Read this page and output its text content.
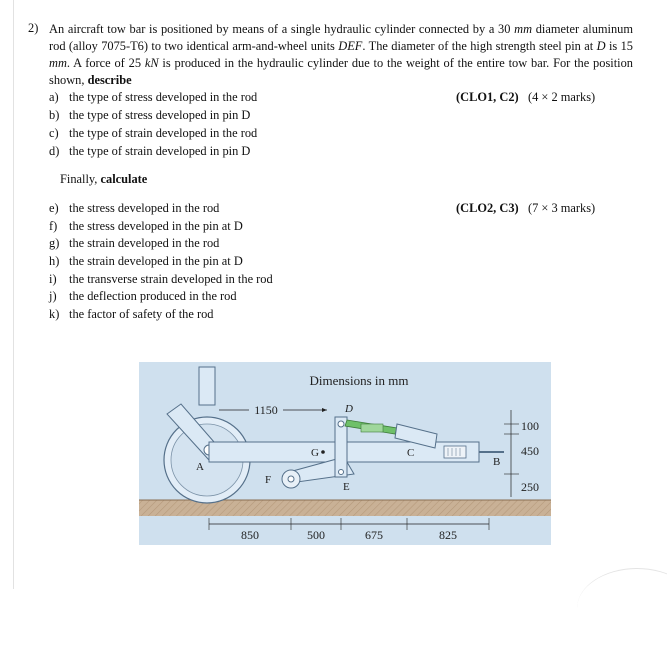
2) An aircraft tow bar is positioned by means of a single hydraulic cylinder connected by a 30 mm diameter aluminum rod (alloy 7075-T6) to two identical arm-and-wheel units DEF. The diameter of the high strength steel pin at D is 15 mm. A force of 25 kN is produced in the hydraulic cylinder due to the weight of the entire tow bar. For the position shown, describe
a) the type of stress developed in the rod	(CLO1, C2) (4 × 2 marks)
b) the type of stress developed in pin D
c) the type of strain developed in the rod
d) the type of strain developed in pin D
Finally, calculate
e) the stress developed in the rod	(CLO2, C3) (7 × 3 marks)
f) the stress developed in the pin at D
g) the strain developed in the rod
h) the strain developed in the pin at D
i) the transverse strain developed in the rod
j) the deflection produced in the rod
k) the factor of safety of the rod
Dimensions in mm
A
G
F
D
E
C
B
1150
100
450
250
850	500	675	825
